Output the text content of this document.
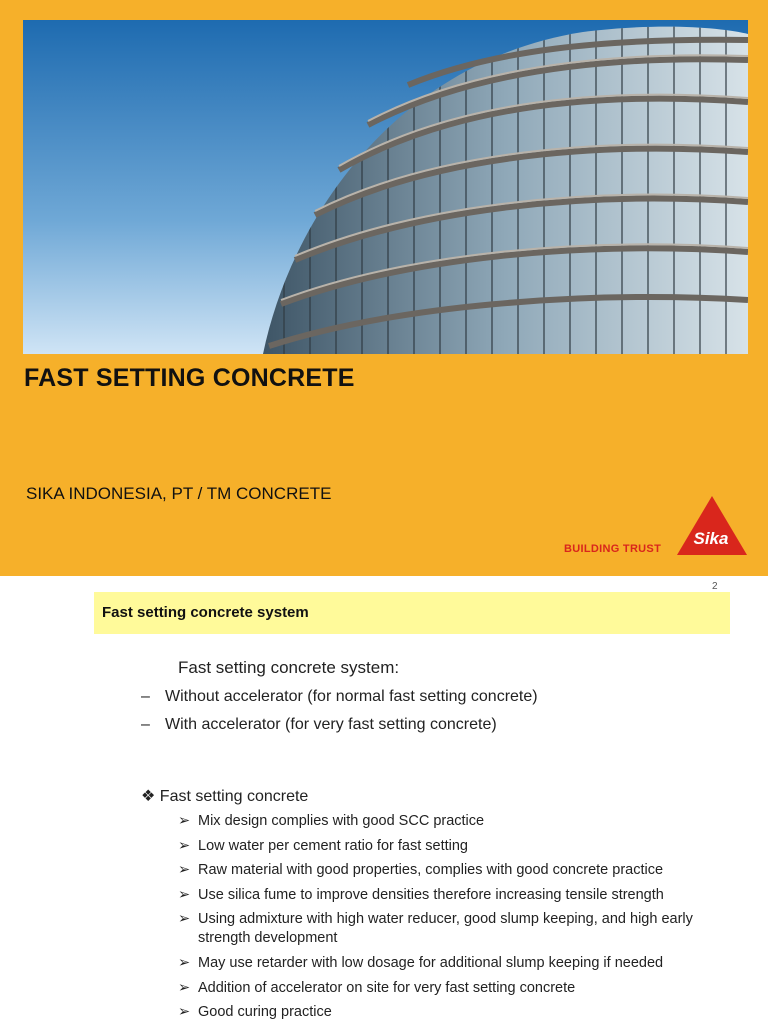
FAST SETTING CONCRETE
SIKA INDONESIA, PT / TM CONCRETE
BUILDING TRUST
Sika
2
Fast setting concrete system
Fast setting concrete system:
– Without accelerator (for normal fast setting concrete)
– With accelerator (for very fast setting concrete)
❖ Fast setting concrete
➢ Mix design complies with good SCC practice
➢ Low water per cement ratio for fast setting
➢ Raw material with good properties, complies with good concrete practice
➢ Use silica fume to improve densities therefore increasing tensile strength
➢ Using admixture with high water reducer, good slump keeping, and high early strength development
➢ May use retarder with low dosage for additional slump keeping if needed
➢ Addition of accelerator on site for very fast setting concrete
➢ Good curing practice
